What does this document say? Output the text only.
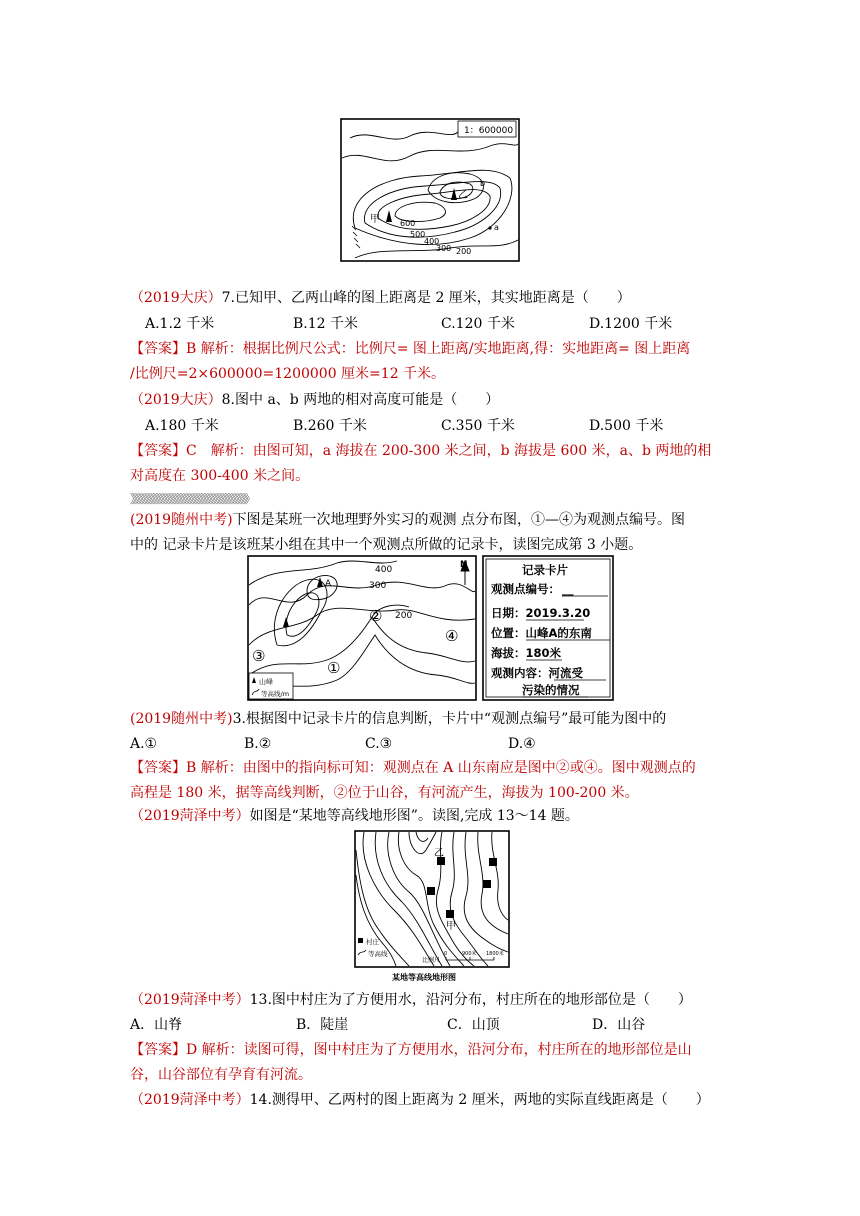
1：600000
甲
乙
b
a
600
500
400
300 200
（2019大庆）7.已知甲、乙两山峰的图上距离是 2 厘米，其实地距离是（　　）
A.1.2 千米	B.12 千米	C.120 千米	D.1200 千米
【答案】B 解析：根据比例尺公式：比例尺= 图上距离/实地距离,得：实地距离= 图上距离
/比例尺=2×600000=1200000 厘米=12 千米。
（2019大庆）8.图中 a、b 两地的相对高度可能是（　　）
A.180 千米	B.260 千米	C.350 千米	D.500 千米
【答案】C　解析：由图可知，a 海拔在 200-300 米之间，b 海拔是 600 米，a、b 两地的相
对高度在 300-400 米之间。
》》》》》》》》》》》》》》》》》》》》》》》》》》》》》》》》》》》》》》》
(2019随州中考)下图是某班一次地理野外实习的观测 点分布图，①—④为观测点编号。图
中的 记录卡片是该班某小组在其中一个观测点所做的记录卡，读图完成第 3 小题。
A
400
300
200
N
①
②
③
④
山峰
等高线/m
记录卡片
观测点编号： __
日期：2019.3.20
位置：山峰A的东南
海拔：180米
观测内容：河流受
污染的情况
(2019随州中考)3.根据图中记录卡片的信息判断，卡片中“观测点编号”最可能为图中的
A.①	B.②	C.③	D.④
【答案】B 解析：由图中的指向标可知：观测点在 A 山东南应是图中②或④。图中观测点的
高程是 180 米，据等高线判断，②位于山谷，有河流产生，海拔为 100-200 米。
（2019菏泽中考）如图是“某地等高线地形图”。读图,完成 13～14 题。
乙
甲
村庄
等高线
比例尺
0	900米 1800米
某地等高线地形图
（2019菏泽中考）13.图中村庄为了方便用水，沿河分布，村庄所在的地形部位是（　　）
A．山脊	B．陡崖	C．山顶	D．山谷
【答案】D 解析：读图可得，图中村庄为了方便用水，沿河分布，村庄所在的地形部位是山
谷，山谷部位有孕育有河流。
（2019菏泽中考）14.测得甲、乙两村的图上距离为 2 厘米，两地的实际直线距离是（　　）
